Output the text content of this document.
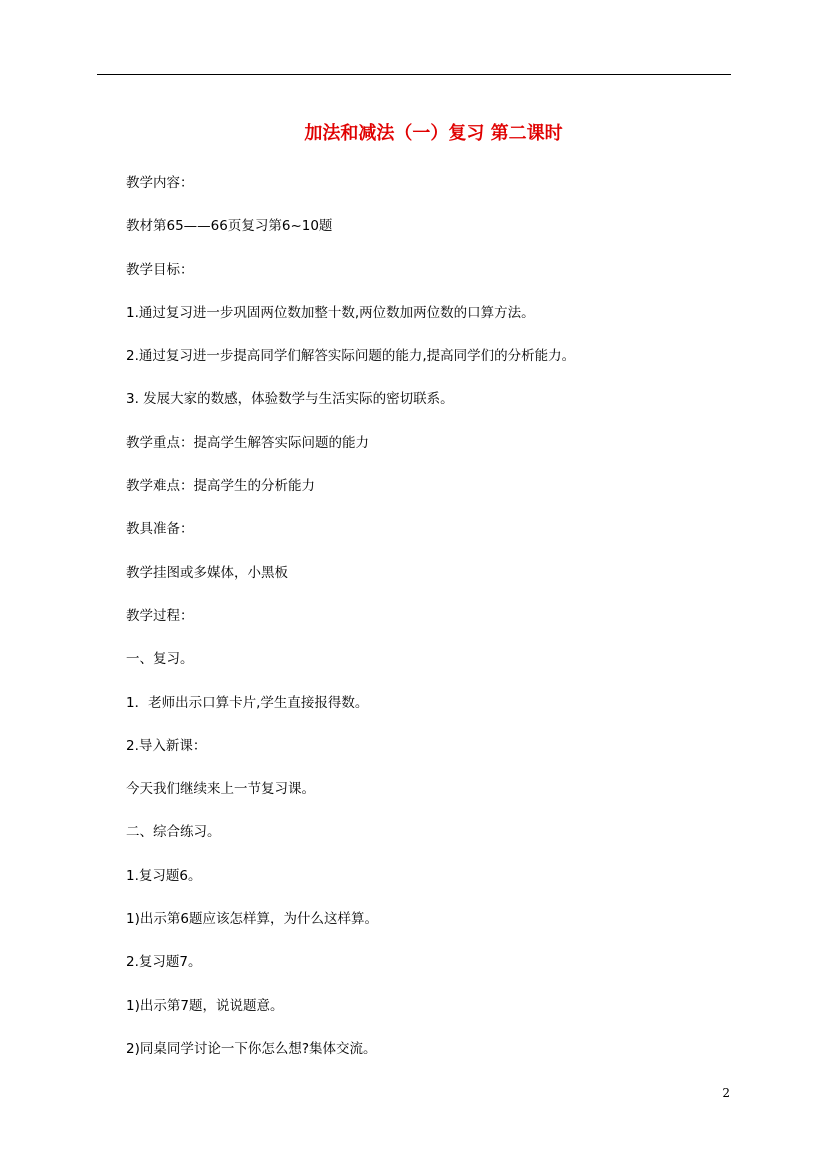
加法和减法（一）复习 第二课时
教学内容：
教材第65——66页复习第6~10题
教学目标：
1.通过复习进一步巩固两位数加整十数,两位数加两位数的口算方法。
2.通过复习进一步提高同学们解答实际问题的能力,提高同学们的分析能力。
3. 发展大家的数感，体验数学与生活实际的密切联系。
教学重点：提高学生解答实际问题的能力
教学难点：提高学生的分析能力
教具准备：
教学挂图或多媒体，小黑板
教学过程：
一、复习。
1．老师出示口算卡片,学生直接报得数。
2.导入新课：
今天我们继续来上一节复习课。
二、综合练习。
1.复习题6。
1)出示第6题应该怎样算，为什么这样算。
2.复习题7。
1)出示第7题，说说题意。
2)同桌同学讨论一下你怎么想?集体交流。
2
